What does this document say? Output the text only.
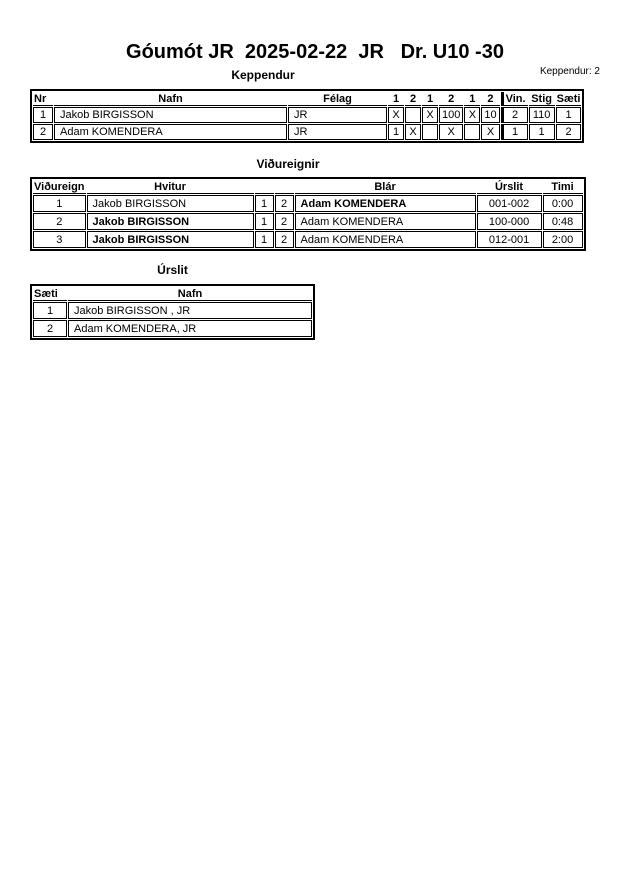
Góumót JR  2025-02-22  JR   Dr. U10 -30
Keppendur: 2
Keppendur
Nr	Nafn	Félag	1	2	1	2	1	2	Vin.	Stig	Sæti
1	Jakob BIRGISSON	JR	X		X	100	X	10	2	110	1
2	Adam KOMENDERA	JR	1	X		X		X	1	1	2
Viðureignir
Viðureign	Hvitur			Blár	Úrslit	Timi
1	Jakob BIRGISSON	1	2	Adam KOMENDERA	001-002	0:00
2	Jakob BIRGISSON	1	2	Adam KOMENDERA	100-000	0:48
3	Jakob BIRGISSON	1	2	Adam KOMENDERA	012-001	2:00
Úrslit
Sæti	Nafn
1	Jakob BIRGISSON , JR
2	Adam KOMENDERA, JR
